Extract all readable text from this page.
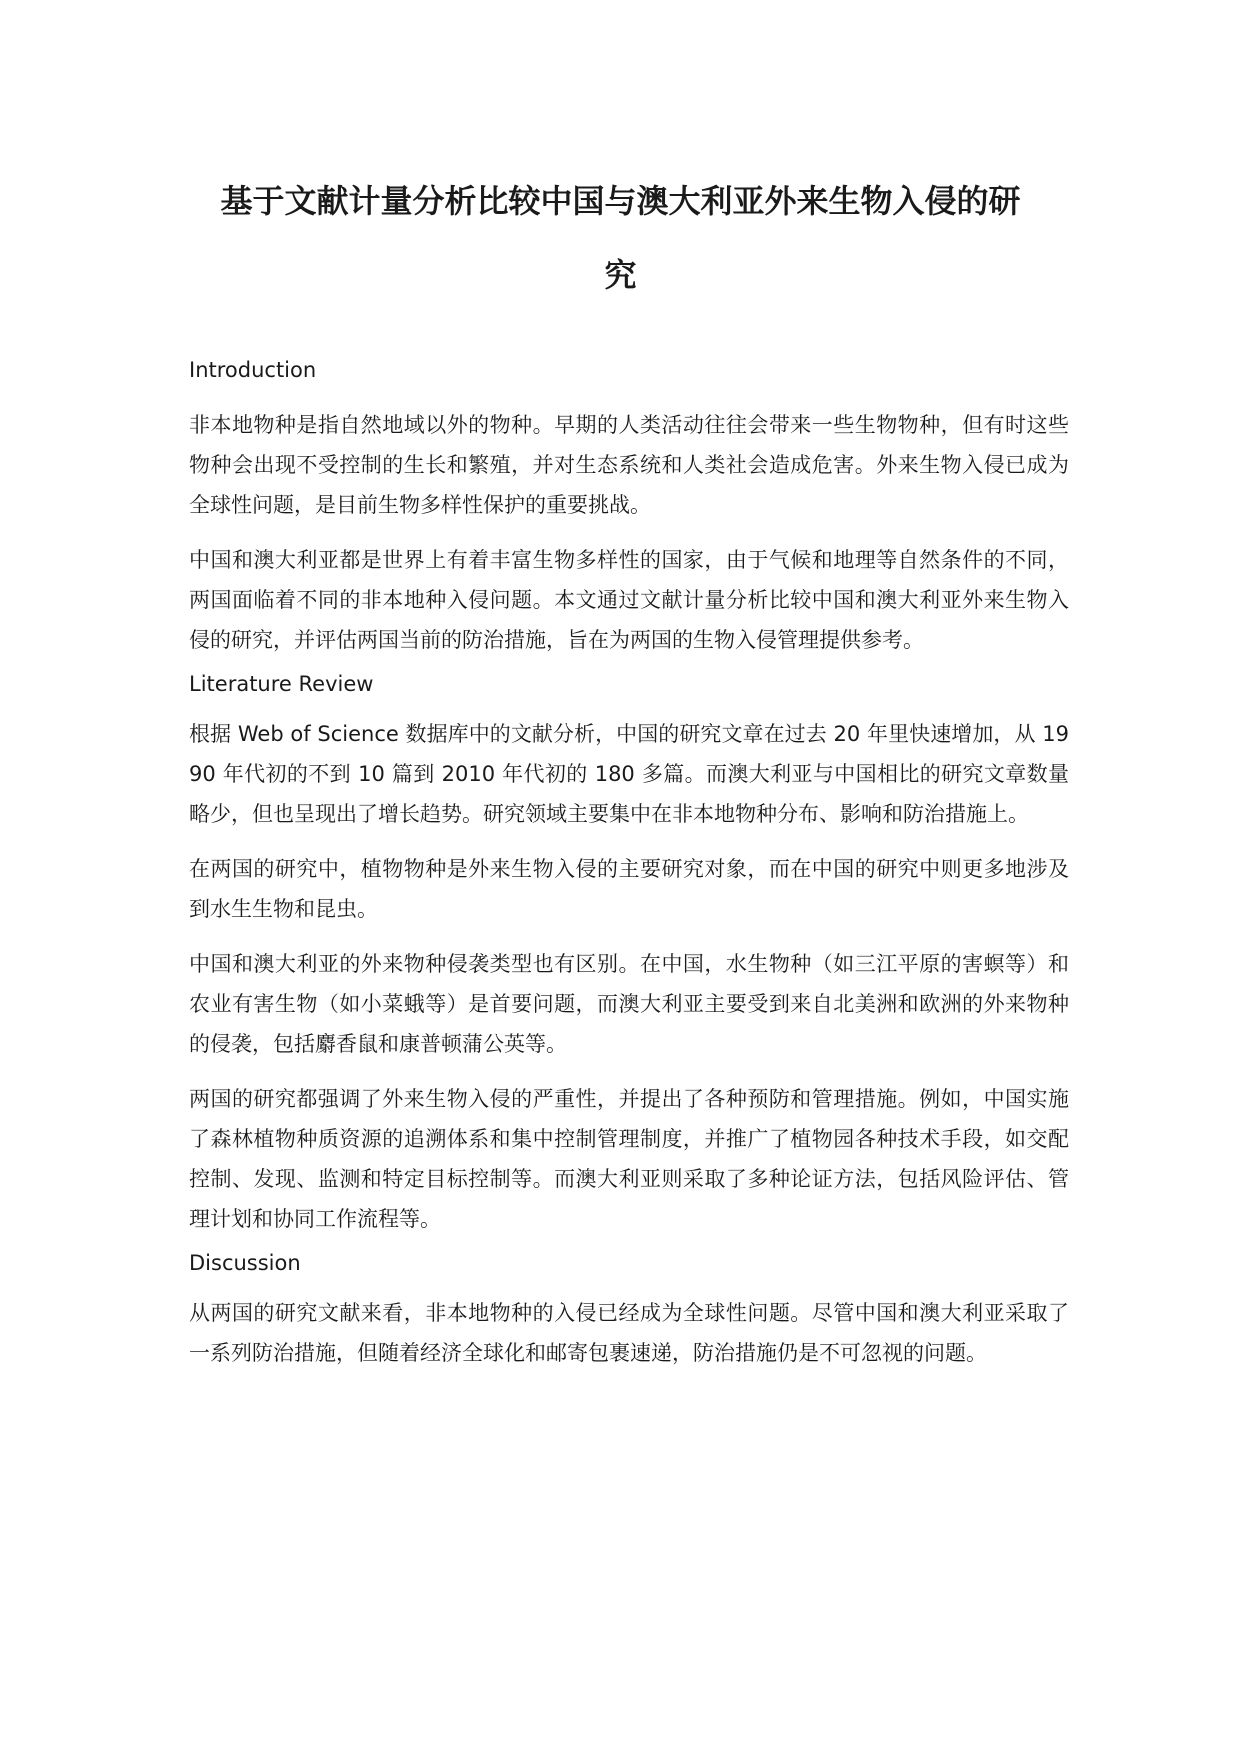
基于文献计量分析比较中国与澳大利亚外来生物入侵的研
究
Introduction

非本地物种是指自然地域以外的物种。早期的人类活动往往会带来一些生物物种，但有时这些物种会出现不受控制的生长和繁殖，并对生态系统和人类社会造成危害。外来生物入侵已成为全球性问题，是目前生物多样性保护的重要挑战。

中国和澳大利亚都是世界上有着丰富生物多样性的国家，由于气候和地理等自然条件的不同，两国面临着不同的非本地种入侵问题。本文通过文献计量分析比较中国和澳大利亚外来生物入侵的研究，并评估两国当前的防治措施，旨在为两国的生物入侵管理提供参考。

Literature Review

根据 Web of Science 数据库中的文献分析，中国的研究文章在过去 20 年里快速增加，从 1990 年代初的不到 10 篇到 2010 年代初的 180 多篇。而澳大利亚与中国相比的研究文章数量略少，但也呈现出了增长趋势。研究领域主要集中在非本地物种分布、影响和防治措施上。

在两国的研究中，植物物种是外来生物入侵的主要研究对象，而在中国的研究中则更多地涉及到水生生物和昆虫。

中国和澳大利亚的外来物种侵袭类型也有区别。在中国，水生物种（如三江平原的害螟等）和农业有害生物（如小菜蛾等）是首要问题，而澳大利亚主要受到来自北美洲和欧洲的外来物种的侵袭，包括麝香鼠和康普顿蒲公英等。

两国的研究都强调了外来生物入侵的严重性，并提出了各种预防和管理措施。例如，中国实施了森林植物种质资源的追溯体系和集中控制管理制度，并推广了植物园各种技术手段，如交配控制、发现、监测和特定目标控制等。而澳大利亚则采取了多种论证方法，包括风险评估、管理计划和协同工作流程等。

Discussion

从两国的研究文献来看，非本地物种的入侵已经成为全球性问题。尽管中国和澳大利亚采取了一系列防治措施，但随着经济全球化和邮寄包裹速递，防治措施仍是不可忽视的问题。
